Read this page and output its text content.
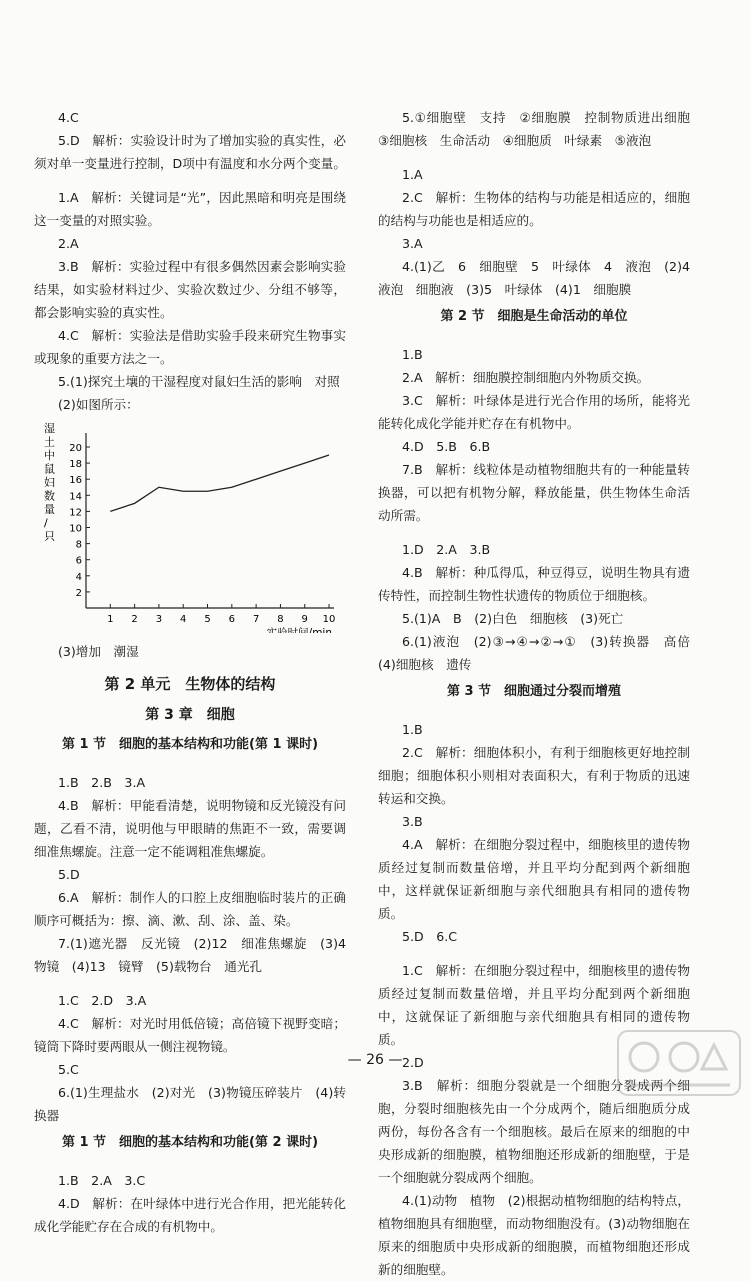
4.C

5.D　解析：实验设计时为了增加实验的真实性，必须对单一变量进行控制，D项中有温度和水分两个变量。

1.A　解析：关键词是“光”，因此黑暗和明亮是围绕这一变量的对照实验。

2.A

3.B　解析：实验过程中有很多偶然因素会影响实验结果，如实验材料过少、实验次数过少、分组不够等，都会影响实验的真实性。

4.C　解析：实验法是借助实验手段来研究生物事实或现象的重要方法之一。

5.(1)探究土壤的干湿程度对鼠妇生活的影响　对照

(2)如图所示：

2
4
6
8
10
12
14
16
18
20
1 2 3 4 5 6 7 8 9 10
湿土中鼠妇数量/只
实验时间/min

(3)增加　潮湿

第 2 单元　生物体的结构

第 3 章　细胞

第 1 节　细胞的基本结构和功能(第 1 课时)

1.B　2.B　3.A

4.B　解析：甲能看清楚，说明物镜和反光镜没有问题，乙看不清，说明他与甲眼睛的焦距不一致，需要调细准焦螺旋。注意一定不能调粗准焦螺旋。

5.D

6.A　解析：制作人的口腔上皮细胞临时装片的正确顺序可概括为：擦、滴、漱、刮、涂、盖、染。

7.(1)遮光器　反光镜　(2)12　细准焦螺旋　(3)4　物镜　(4)13　镜臂　(5)载物台　通光孔

1.C　2.D　3.A

4.C　解析：对光时用低倍镜；高倍镜下视野变暗；镜筒下降时要两眼从一侧注视物镜。

5.C

6.(1)生理盐水　(2)对光　(3)物镜压碎装片　(4)转换器

第 1 节　细胞的基本结构和功能(第 2 课时)

1.B　2.A　3.C

4.D　解析：在叶绿体中进行光合作用，把光能转化成化学能贮存在合成的有机物中。

5.①细胞壁　支持　②细胞膜　控制物质进出细胞　③细胞核　生命活动　④细胞质　叶绿素　⑤液泡

1.A

2.C　解析：生物体的结构与功能是相适应的，细胞的结构与功能也是相适应的。

3.A

4.(1)乙　6　细胞壁　5　叶绿体　4　液泡　(2)4　液泡　细胞液　(3)5　叶绿体　(4)1　细胞膜

第 2 节　细胞是生命活动的单位

1.B

2.A　解析：细胞膜控制细胞内外物质交换。

3.C　解析：叶绿体是进行光合作用的场所，能将光能转化成化学能并贮存在有机物中。

4.D　5.B　6.B

7.B　解析：线粒体是动植物细胞共有的一种能量转换器，可以把有机物分解，释放能量，供生物体生命活动所需。

1.D　2.A　3.B

4.B　解析：种瓜得瓜，种豆得豆，说明生物具有遗传特性，而控制生物性状遗传的物质位于细胞核。

5.(1)A　B　(2)白色　细胞核　(3)死亡

6.(1)液泡　(2)③→④→②→①　(3)转换器　高倍　(4)细胞核　遗传

第 3 节　细胞通过分裂而增殖

1.B

2.C　解析：细胞体积小，有利于细胞核更好地控制细胞；细胞体积小则相对表面积大，有利于物质的迅速转运和交换。

3.B

4.A　解析：在细胞分裂过程中，细胞核里的遗传物质经过复制而数量倍增，并且平均分配到两个新细胞中，这样就保证新细胞与亲代细胞具有相同的遗传物质。

5.D　6.C

1.C　解析：在细胞分裂过程中，细胞核里的遗传物质经过复制而数量倍增，并且平均分配到两个新细胞中，这就保证了新细胞与亲代细胞具有相同的遗传物质。

2.D

3.B　解析：细胞分裂就是一个细胞分裂成两个细胞，分裂时细胞核先由一个分成两个，随后细胞质分成两份，每份各含有一个细胞核。最后在原来的细胞的中央形成新的细胞膜，植物细胞还形成新的细胞壁，于是一个细胞就分裂成两个细胞。

4.(1)动物　植物　(2)根据动植物细胞的结构特点，植物细胞具有细胞壁，而动物细胞没有。(3)动物细胞在原来的细胞质中央形成新的细胞膜，而植物细胞还形成新的细胞壁。

— 26 —
